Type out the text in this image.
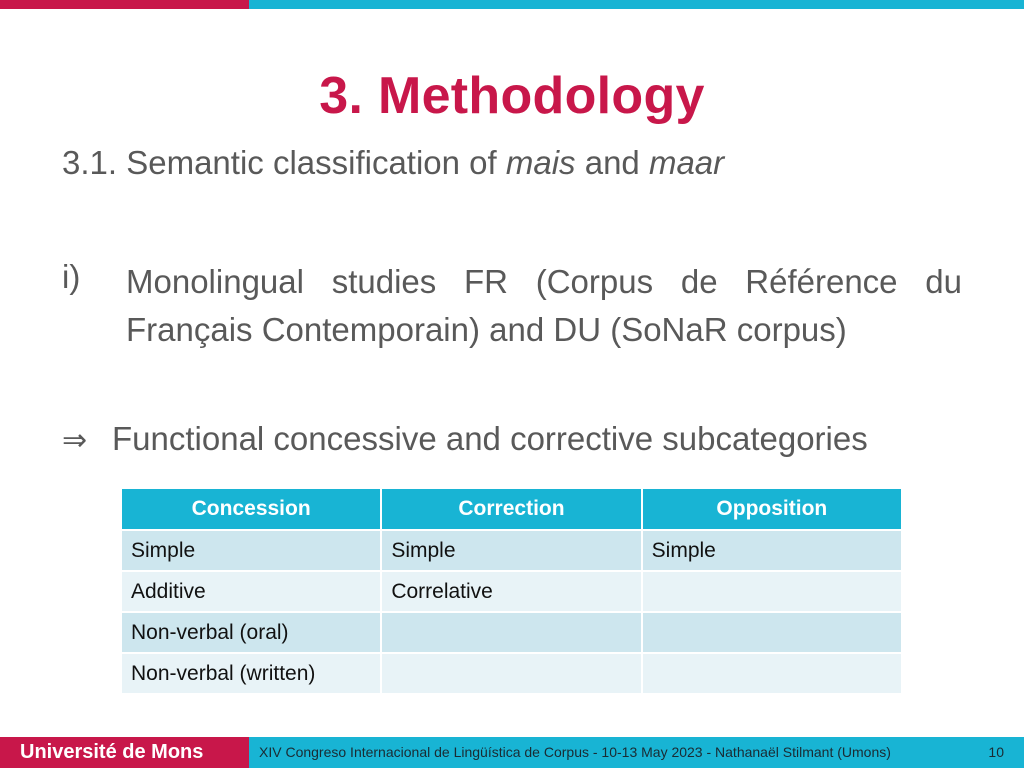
3. Methodology
3.1. Semantic classification of mais and maar
i) Monolingual studies FR (Corpus de Référence du Français Contemporain) and DU (SoNaR corpus)
⇒ Functional concessive and corrective subcategories
Concession	Correction	Opposition
Simple	Simple	Simple
Additive	Correlative	
Non-verbal (oral)		
Non-verbal (written)		
Université de Mons	XIV Congreso Internacional de Lingüística de Corpus - 10-13 May 2023 - Nathanaël Stilmant (Umons)	10
